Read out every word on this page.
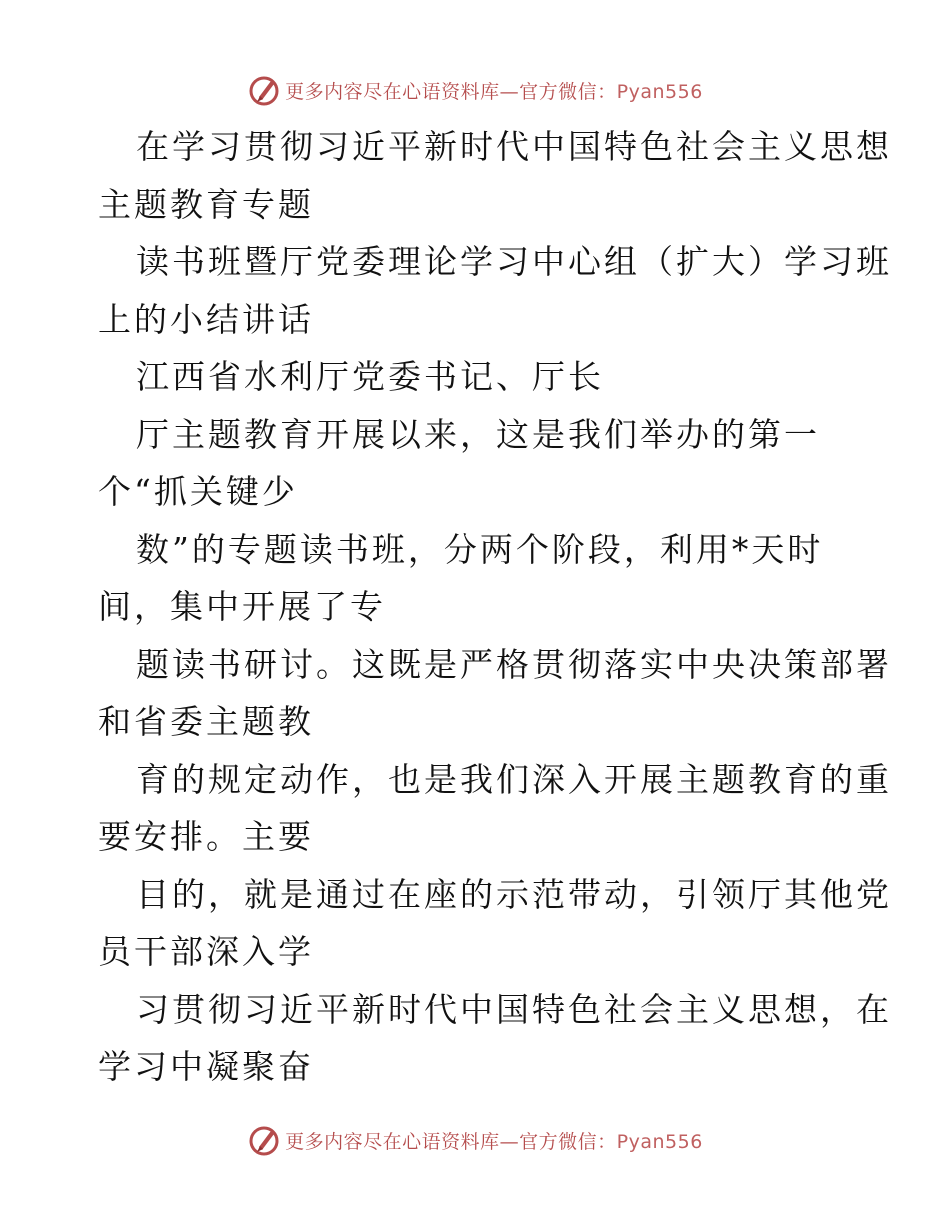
更多内容尽在心语资料库—官方微信：Pyan556
在学习贯彻习近平新时代中国特色社会主义思想
主题教育专题
读书班暨厅党委理论学习中心组（扩大）学习班
上的小结讲话
江西省水利厅党委书记、厅长
厅主题教育开展以来，这是我们举办的第一
个“抓关键少
数”的专题读书班，分两个阶段，利用*天时
间，集中开展了专
题读书研讨。这既是严格贯彻落实中央决策部署
和省委主题教
育的规定动作，也是我们深入开展主题教育的重
要安排。主要
目的，就是通过在座的示范带动，引领厅其他党
员干部深入学
习贯彻习近平新时代中国特色社会主义思想，在
学习中凝聚奋
更多内容尽在心语资料库—官方微信：Pyan556
